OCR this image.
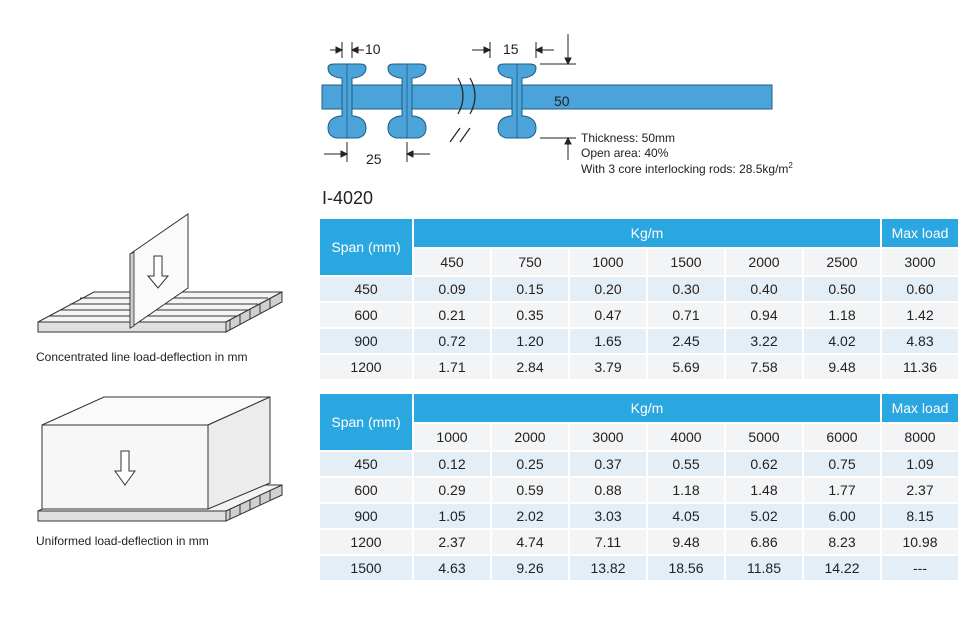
10	15
25
50
Thickness: 50mm
Open area: 40%
With 3 core interlocking rods: $28.5kg/m^2$
I-4020
Concentrated line load-deflection in mm
Uniformed load-deflection in mm
Span (mm)	Kg/m						Max load
	450	750	1000	1500	2000	2500	3000
450	0.09	0.15	0.20	0.30	0.40	0.50	0.60
600	0.21	0.35	0.47	0.71	0.94	1.18	1.42
900	0.72	1.20	1.65	2.45	3.22	4.02	4.83
1200	1.71	2.84	3.79	5.69	7.58	9.48	11.36
Span (mm)	Kg/m						Max load
	1000	2000	3000	4000	5000	6000	8000
450	0.12	0.25	0.37	0.55	0.62	0.75	1.09
600	0.29	0.59	0.88	1.18	1.48	1.77	2.37
900	1.05	2.02	3.03	4.05	5.02	6.00	8.15
1200	2.37	4.74	7.11	9.48	6.86	8.23	10.98
1500	4.63	9.26	13.82	18.56	11.85	14.22	---
